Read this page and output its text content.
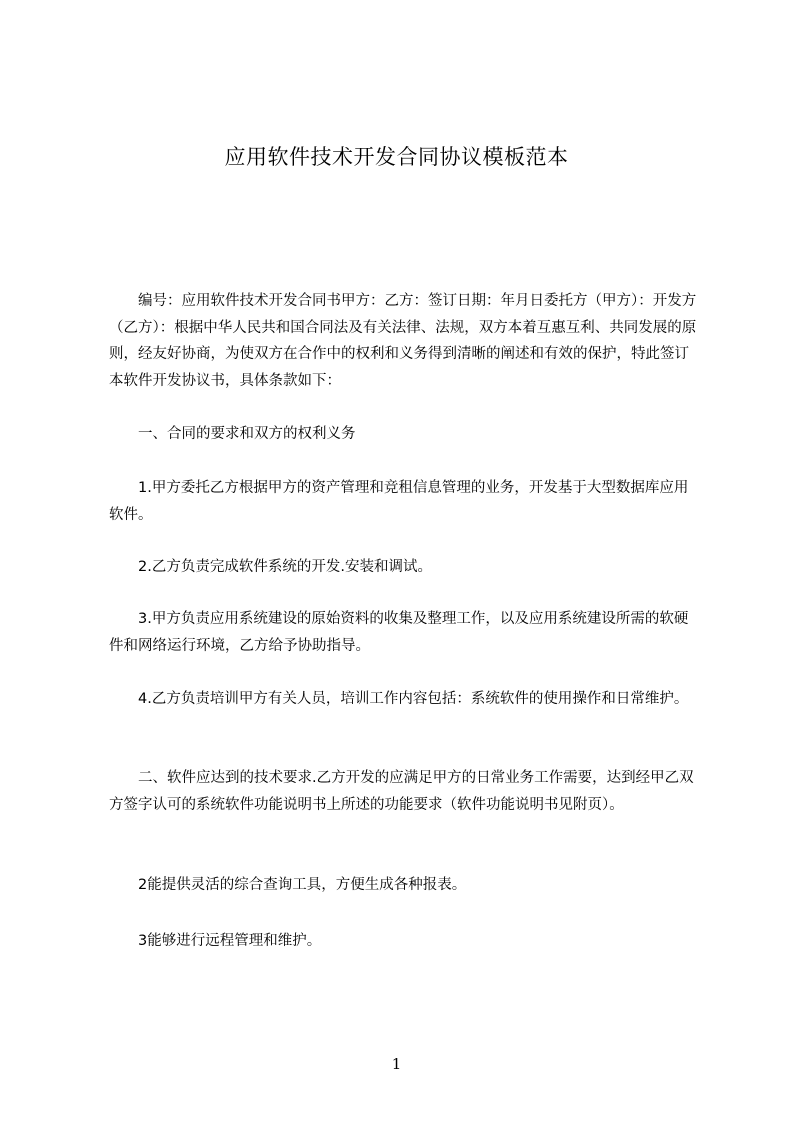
应用软件技术开发合同协议模板范本

编号：应用软件技术开发合同书甲方：乙方：签订日期：年月日委托方（甲方）：开发方（乙方）：根据中华人民共和国合同法及有关法律、法规，双方本着互惠互利、共同发展的原则，经友好协商，为使双方在合作中的权利和义务得到清晰的阐述和有效的保护，特此签订本软件开发协议书，具体条款如下：

一、合同的要求和双方的权利义务

1.甲方委托乙方根据甲方的资产管理和竞租信息管理的业务，开发基于大型数据库应用软件。

2.乙方负责完成软件系统的开发.安装和调试。

3.甲方负责应用系统建设的原始资料的收集及整理工作，以及应用系统建设所需的软硬件和网络运行环境，乙方给予协助指导。

4.乙方负责培训甲方有关人员，培训工作内容包括：系统软件的使用操作和日常维护。

二、软件应达到的技术要求.乙方开发的应满足甲方的日常业务工作需要，达到经甲乙双方签字认可的系统软件功能说明书上所述的功能要求（软件功能说明书见附页）。

2能提供灵活的综合查询工具，方便生成各种报表。

3能够进行远程管理和维护。

1
